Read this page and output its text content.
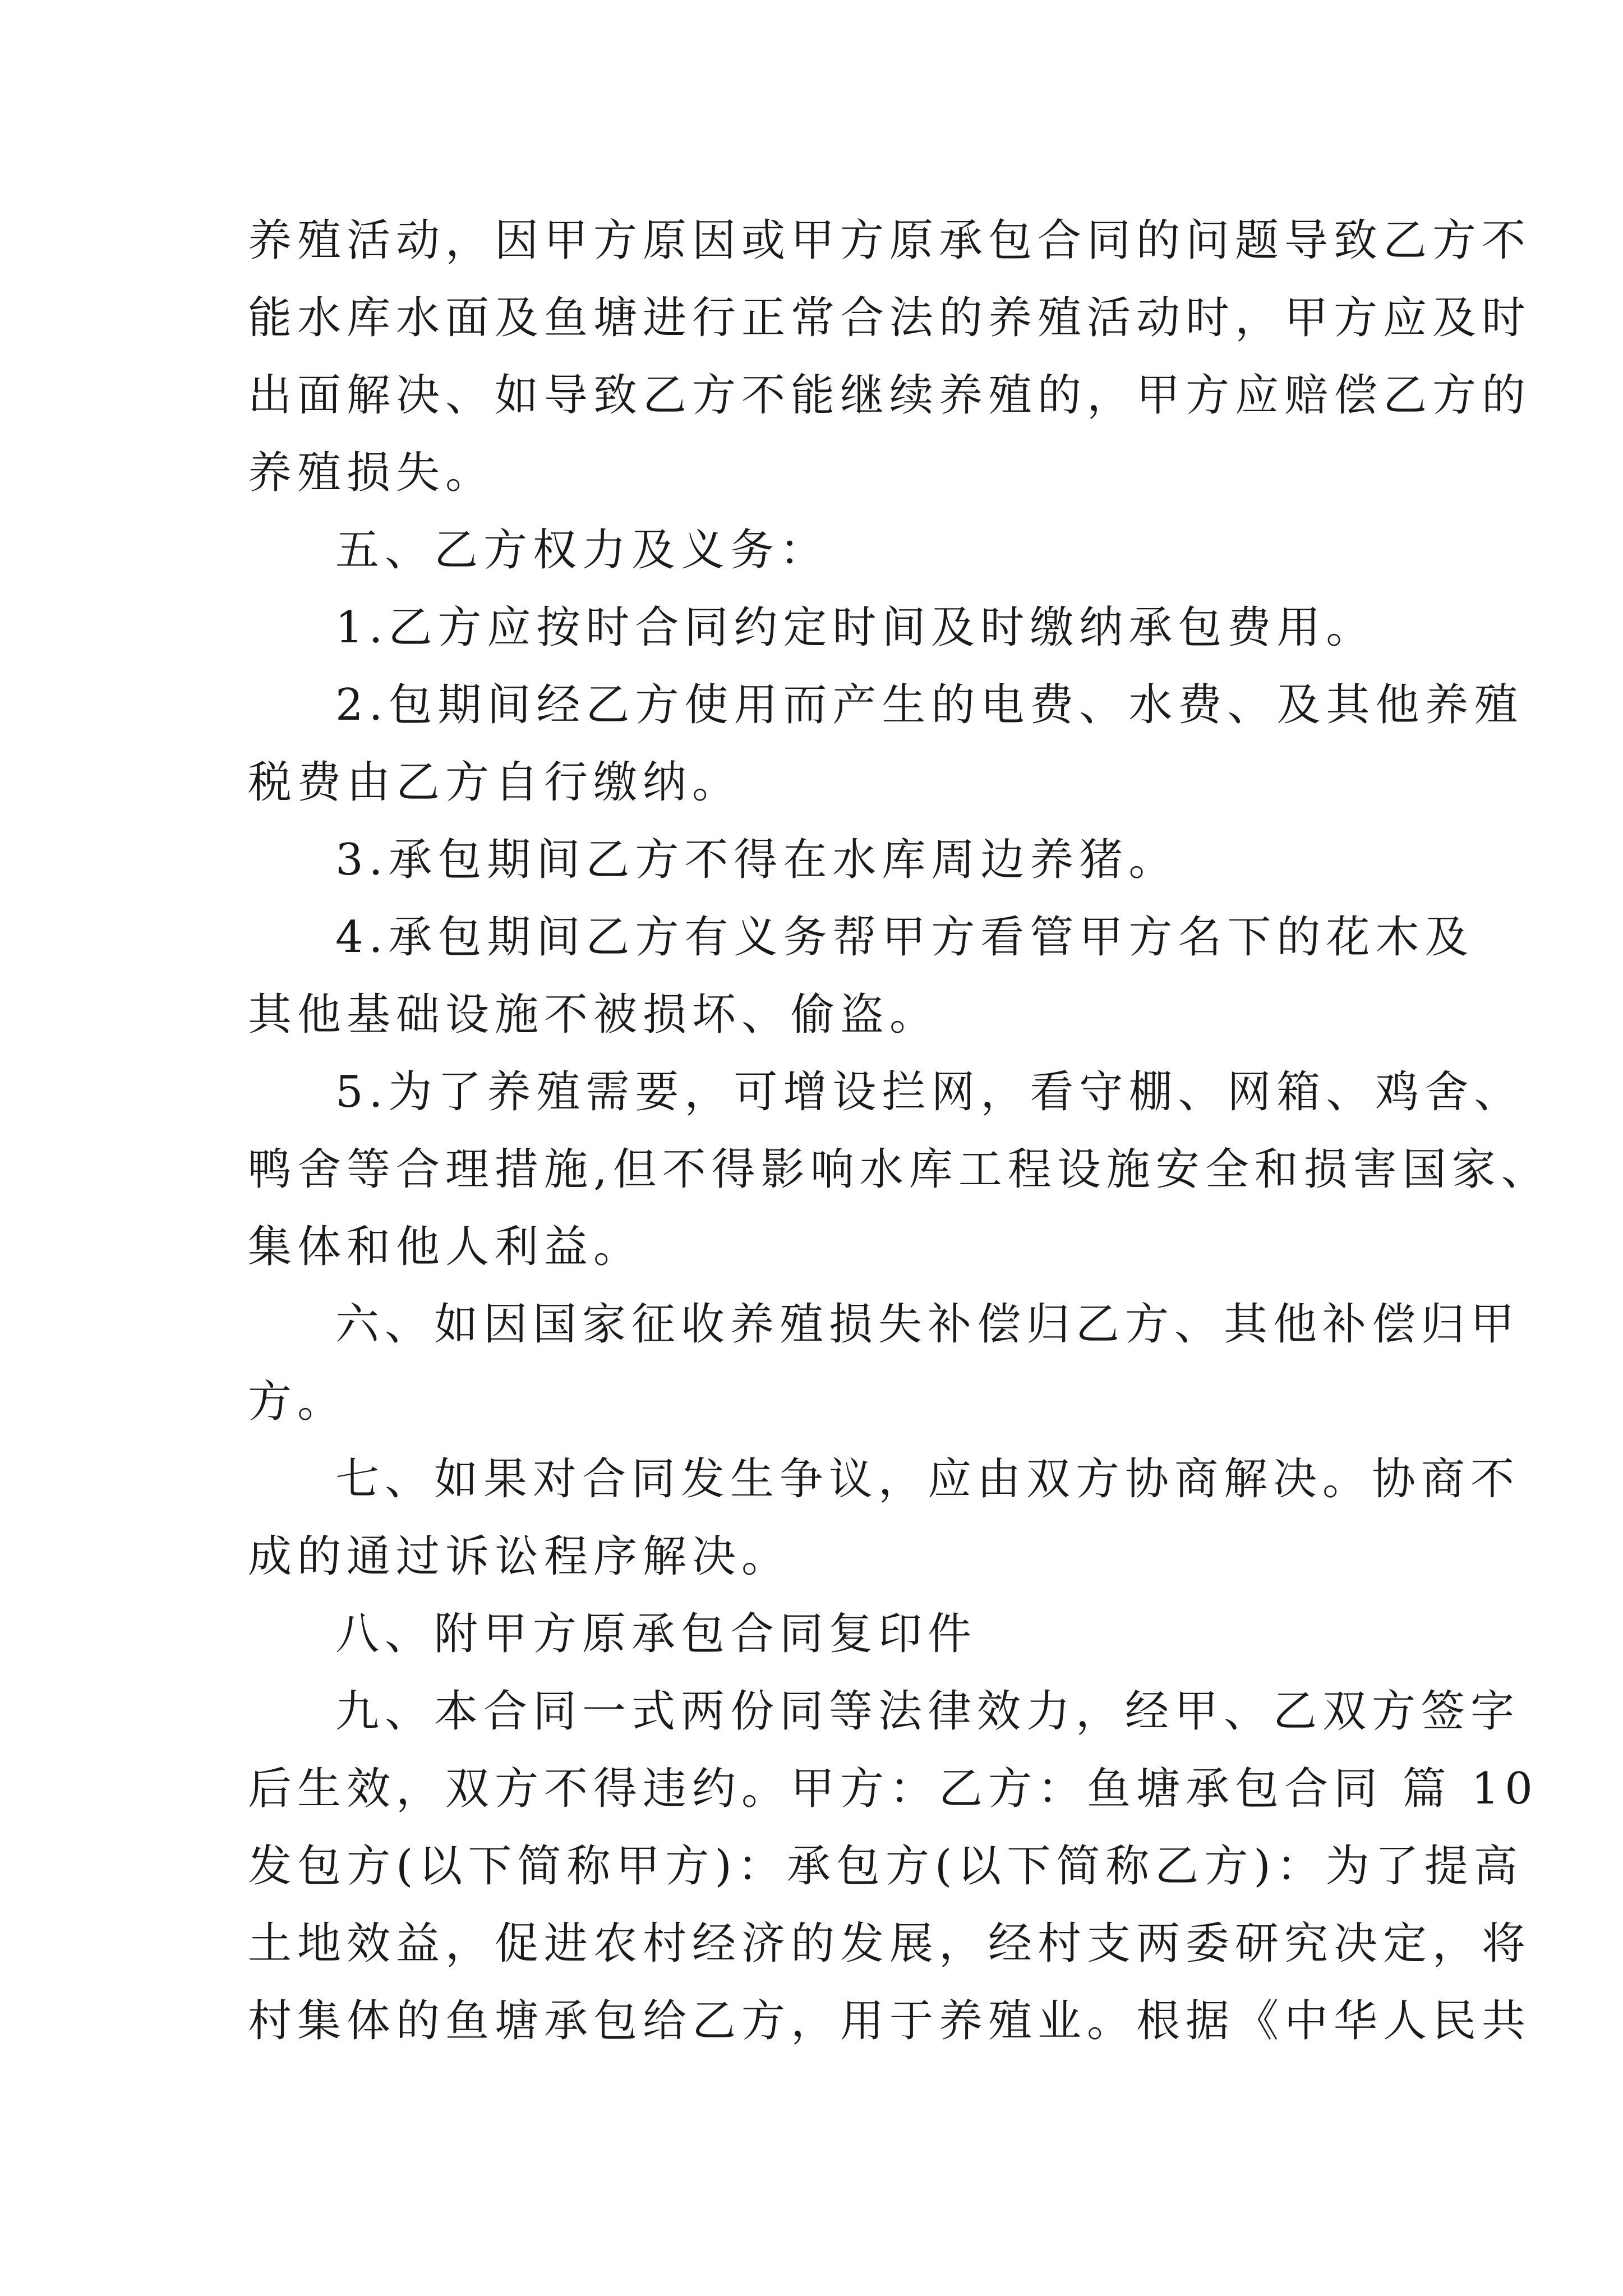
养殖活动，因甲方原因或甲方原承包合同的问题导致乙方不
能水库水面及鱼塘进行正常合法的养殖活动时，甲方应及时
出面解决、如导致乙方不能继续养殖的，甲方应赔偿乙方的
养殖损失。
五、乙方权力及义务：
1.乙方应按时合同约定时间及时缴纳承包费用。
2.包期间经乙方使用而产生的电费、水费、及其他养殖
税费由乙方自行缴纳。
3.承包期间乙方不得在水库周边养猪。
4.承包期间乙方有义务帮甲方看管甲方名下的花木及
其他基础设施不被损坏、偷盗。
5.为了养殖需要，可增设拦网，看守棚、网箱、鸡舍、
鸭舍等合理措施,但不得影响水库工程设施安全和损害国家、
集体和他人利益。
六、如因国家征收养殖损失补偿归乙方、其他补偿归甲
方。
七、如果对合同发生争议，应由双方协商解决。协商不
成的通过诉讼程序解决。
八、附甲方原承包合同复印件
九、本合同一式两份同等法律效力，经甲、乙双方签字
后生效，双方不得违约。甲方：乙方：鱼塘承包合同 篇 10
发包方(以下简称甲方)：承包方(以下简称乙方)：为了提高
土地效益，促进农村经济的发展，经村支两委研究决定，将
村集体的鱼塘承包给乙方，用于养殖业。根据《中华人民共
